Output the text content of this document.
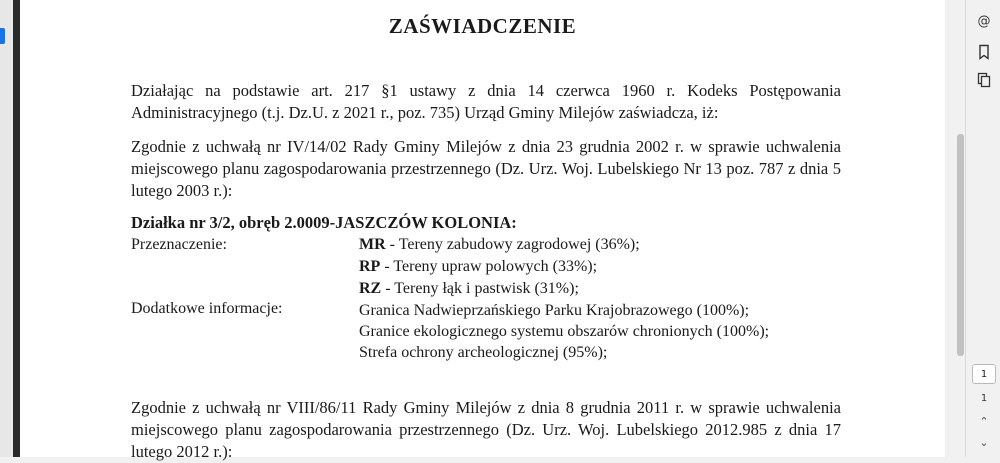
ZAŚWIADCZENIE

Działając na podstawie art. 217 §1 ustawy z dnia 14 czerwca 1960 r. Kodeks Postępowania Administracyjnego (t.j. Dz.U. z 2021 r., poz. 735) Urząd Gminy Milejów zaświadcza, iż:

Zgodnie z uchwałą nr IV/14/02 Rady Gminy Milejów z dnia 23 grudnia 2002 r. w sprawie uchwalenia miejscowego planu zagospodarowania przestrzennego (Dz. Urz. Woj. Lubelskiego Nr 13 poz. 787 z dnia 5 lutego 2003 r.):

Działka nr 3/2, obręb 2.0009-JASZCZÓW KOLONIA:

Przeznaczenie:	MR - Tereny zabudowy zagrodowej (36%);
RP - Tereny upraw polowych (33%);
RZ - Tereny łąk i pastwisk (31%);
Dodatkowe informacje:	Granica Nadwieprzańskiego Parku Krajobrazowego (100%);
Granice ekologicznego systemu obszarów chronionych (100%);
Strefa ochrony archeologicznej (95%);

Zgodnie z uchwałą nr VIII/86/11 Rady Gminy Milejów z dnia 8 grudnia 2011 r. w sprawie uchwalenia miejscowego planu zagospodarowania przestrzennego (Dz. Urz. Woj. Lubelskiego 2012.985 z dnia 17 lutego 2012 r.):

@
1
1
⌃
⌄
